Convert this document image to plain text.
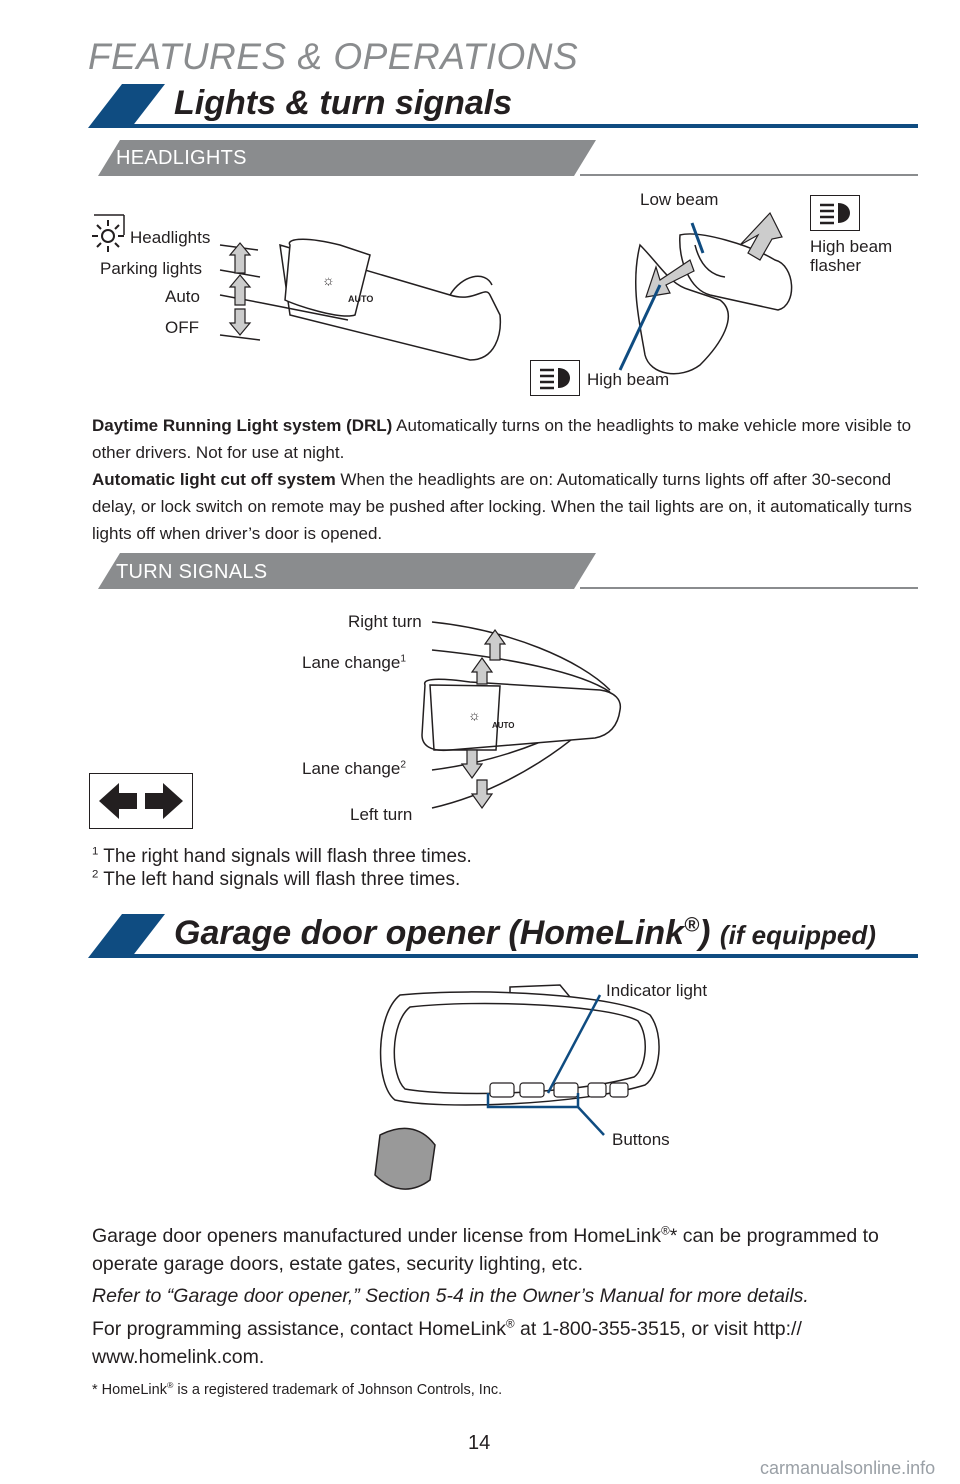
FEATURES & OPERATIONS
Lights & turn signals
HEADLIGHTS
☼
AUTO
Headlights
Parking lights
Auto
OFF
Low beam
High beam flasher
High beam
Daytime Running Light system (DRL) Automatically turns on the headlights to make vehicle more visible to other drivers. Not for use at night.
Automatic light cut off system When the headlights are on: Automatically turns lights off after 30-second delay, or lock switch on remote may be pushed after locking. When the tail lights are on, it automatically turns lights off when driver’s door is opened.
TURN SIGNALS
☼
AUTO
Right turn
Lane change$^1$
Lane change$^2$
Left turn
$^1$ The right hand signals will flash three times.
$^2$ The left hand signals will flash three times.
Garage door opener (HomeLink®) (if equipped)
Indicator light
Buttons
Garage door openers manufactured under license from HomeLink®* can be programmed to operate garage doors, estate gates, security lighting, etc.
Refer to “Garage door opener,” Section 5-4 in the Owner’s Manual for more details.
For programming assistance, contact HomeLink® at 1-800-355-3515, or visit http:// www.homelink.com.
* HomeLink® is a registered trademark of Johnson Controls, Inc.
14
carmanualsonline.info
